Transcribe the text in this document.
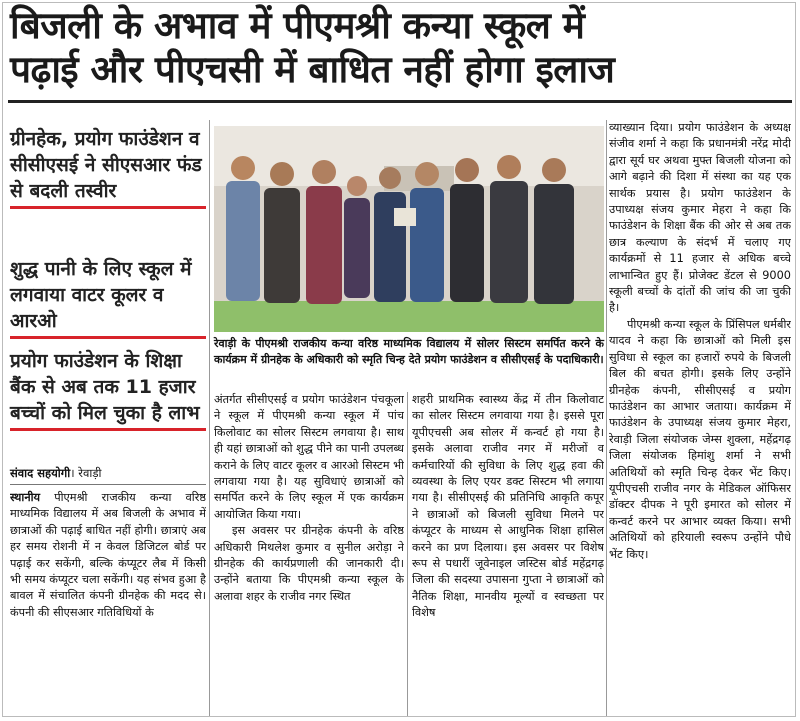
बिजली के अभाव में पीएमश्री कन्या स्कूल में
पढ़ाई और पीएचसी में बाधित नहीं होगा इलाज
ग्रीनहेक, प्रयोग फाउंडेशन व सीसीएसई ने सीएसआर फंड से बदली तस्वीर
शुद्ध पानी के लिए स्कूल में लगवाया वाटर कूलर व आरओ
प्रयोग फाउंडेशन के शिक्षा बैंक से अब तक 11 हजार बच्चों को मिल चुका है लाभ
संवाद सहयोगी। रेवाड़ी
रेवाड़ी के पीएमश्री राजकीय कन्या वरिष्ठ माध्यमिक विद्यालय में सोलर सिस्टम समर्पित करने के कार्यक्रम में ग्रीनहेक के अधिकारी को स्मृति चिन्ह देते प्रयोग फाउंडेशन व सीसीएसई के पदाधिकारी।

स्थानीय पीएमश्री राजकीय कन्या वरिष्ठ माध्यमिक विद्यालय में अब बिजली के अभाव में छात्राओं की पढ़ाई बाधित नहीं होगी। छात्राएं अब हर समय रोशनी में न केवल डिजिटल बोर्ड पर पढ़ाई कर सकेंगी, बल्कि कंप्यूटर लैब में किसी भी समय कंप्यूटर चला सकेंगी। यह संभव हुआ है बावल में संचालित कंपनी ग्रीनहेक की मदद से। कंपनी की सीएसआर गतिविधियों के

अंतर्गत सीसीएसई व प्रयोग फाउंडेशन पंचकूला ने स्कूल में पीएमश्री कन्या स्कूल में पांच किलोवाट का सोलर सिस्टम लगवाया है। साथ ही यहां छात्राओं को शुद्ध पीने का पानी उपलब्ध कराने के लिए वाटर कूलर व आरओ सिस्टम भी लगवाया गया है। यह सुविधाएं छात्राओं को समर्पित करने के लिए स्कूल में एक कार्यक्रम आयोजित किया गया।

इस अवसर पर ग्रीनहेक कंपनी के वरिष्ठ अधिकारी मिथलेश कुमार व सुनील अरोड़ा ने ग्रीनहेक की कार्यप्रणाली की जानकारी दी। उन्होंने बताया कि पीएमश्री कन्या स्कूल के अलावा शहर के राजीव नगर स्थित

शहरी प्राथमिक स्वास्थ्य केंद्र में तीन किलोवाट का सोलर सिस्टम लगवाया गया है। इससे पूरा यूपीएचसी अब सोलर में कन्वर्ट हो गया है। इसके अलावा राजीव नगर में मरीजों व कर्मचारियों की सुविधा के लिए शुद्ध हवा की व्यवस्था के लिए एयर डक्ट सिस्टम भी लगाया गया है। सीसीएसई की प्रतिनिधि आकृति कपूर ने छात्राओं को बिजली सुविधा मिलने पर कंप्यूटर के माध्यम से आधुनिक शिक्षा हासिल करने का प्रण दिलाया। इस अवसर पर विशेष रूप से पधारीं जूवेनाइल जस्टिस बोर्ड महेंद्रगढ़ जिला की सदस्या उपासना गुप्ता ने छात्राओं को नैतिक शिक्षा, मानवीय मूल्यों व स्वच्छता पर विशेष

व्याख्यान दिया। प्रयोग फाउंडेशन के अध्यक्ष संजीव शर्मा ने कहा कि प्रधानमंत्री नरेंद्र मोदी द्वारा सूर्य घर अथवा मुफ्त बिजली योजना को आगे बढ़ाने की दिशा में संस्था का यह एक सार्थक प्रयास है। प्रयोग फाउंडेशन के उपाध्यक्ष संजय कुमार मेहरा ने कहा कि फाउंडेशन के शिक्षा बैंक की ओर से अब तक छात्र कल्याण के संदर्भ में चलाए गए कार्यक्रमों से 11 हजार से अधिक बच्चे लाभान्वित हुए हैं। प्रोजेक्ट डेंटल से 9000 स्कूली बच्चों के दांतों की जांच की जा चुकी है।

पीएमश्री कन्या स्कूल के प्रिंसिपल धर्मबीर यादव ने कहा कि छात्राओं को मिली इस सुविधा से स्कूल का हजारों रुपये के बिजली बिल की बचत होगी। इसके लिए उन्होंने ग्रीनहेक कंपनी, सीसीएसई व प्रयोग फाउंडेशन का आभार जताया। कार्यक्रम में फाउंडेशन के उपाध्यक्ष संजय कुमार मेहरा, रेवाड़ी जिला संयोजक जेम्स शुक्ला, महेंद्रगढ़ जिला संयोजक हिमांशु शर्मा ने सभी अतिथियों को स्मृति चिन्ह देकर भेंट किए। यूपीएचसी राजीव नगर के मेडिकल ऑफिसर डॉक्टर दीपक ने पूरी इमारत को सोलर में कन्वर्ट करने पर आभार व्यक्त किया। सभी अतिथियों को हरियाली स्वरूप उन्होंने पौधे भेंट किए।
